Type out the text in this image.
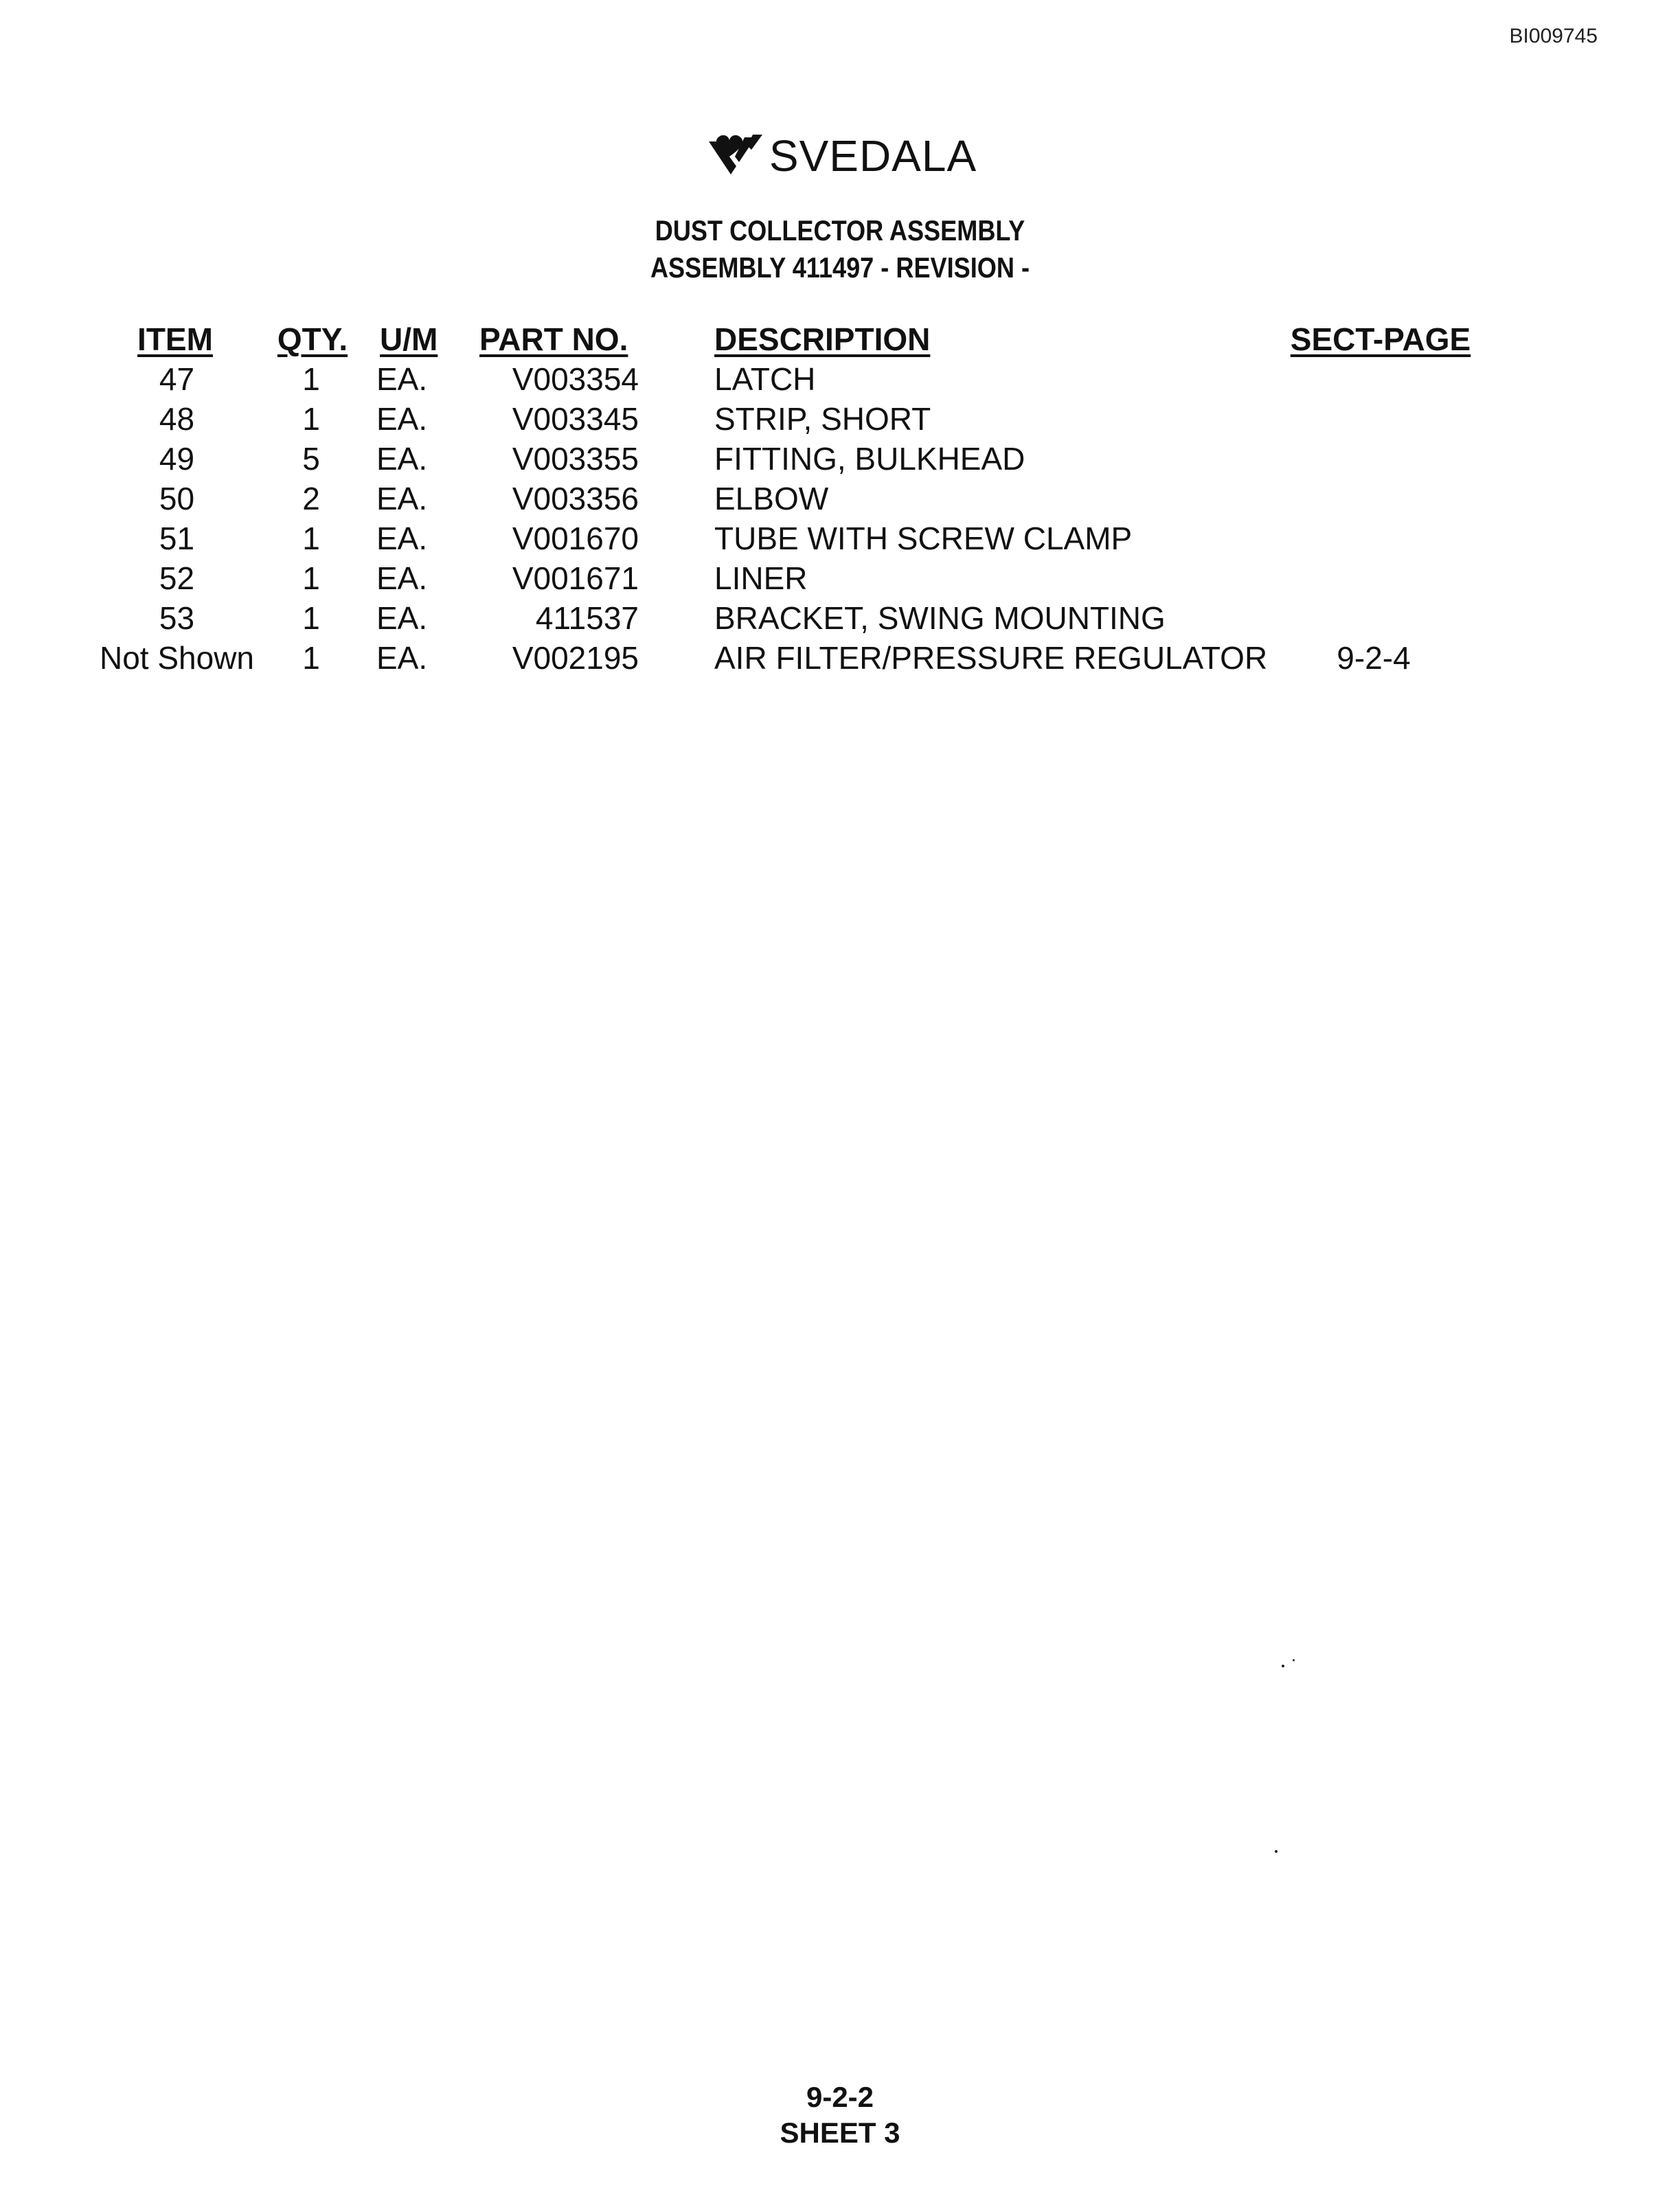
BI009745
SVEDALA
DUST COLLECTOR ASSEMBLY
ASSEMBLY 411497 - REVISION -
ITEM QTY. U/M	PART NO.	DESCRIPTION	SECT-PAGE
47	1	EA.	V003354 LATCH
48	1	EA.	V003345 STRIP, SHORT
49	5	EA.	V003355 FITTING, BULKHEAD
50	2	EA.	V003356 ELBOW
51	1	EA.	V001670 TUBE WITH SCREW CLAMP
52	1	EA.	V001671 LINER
53	1	EA.	411537 BRACKET, SWING MOUNTING
Not Shown	1	EA.	V002195 AIR FILTER/PRESSURE REGULATOR	9-2-4
9-2-2
SHEET 3
